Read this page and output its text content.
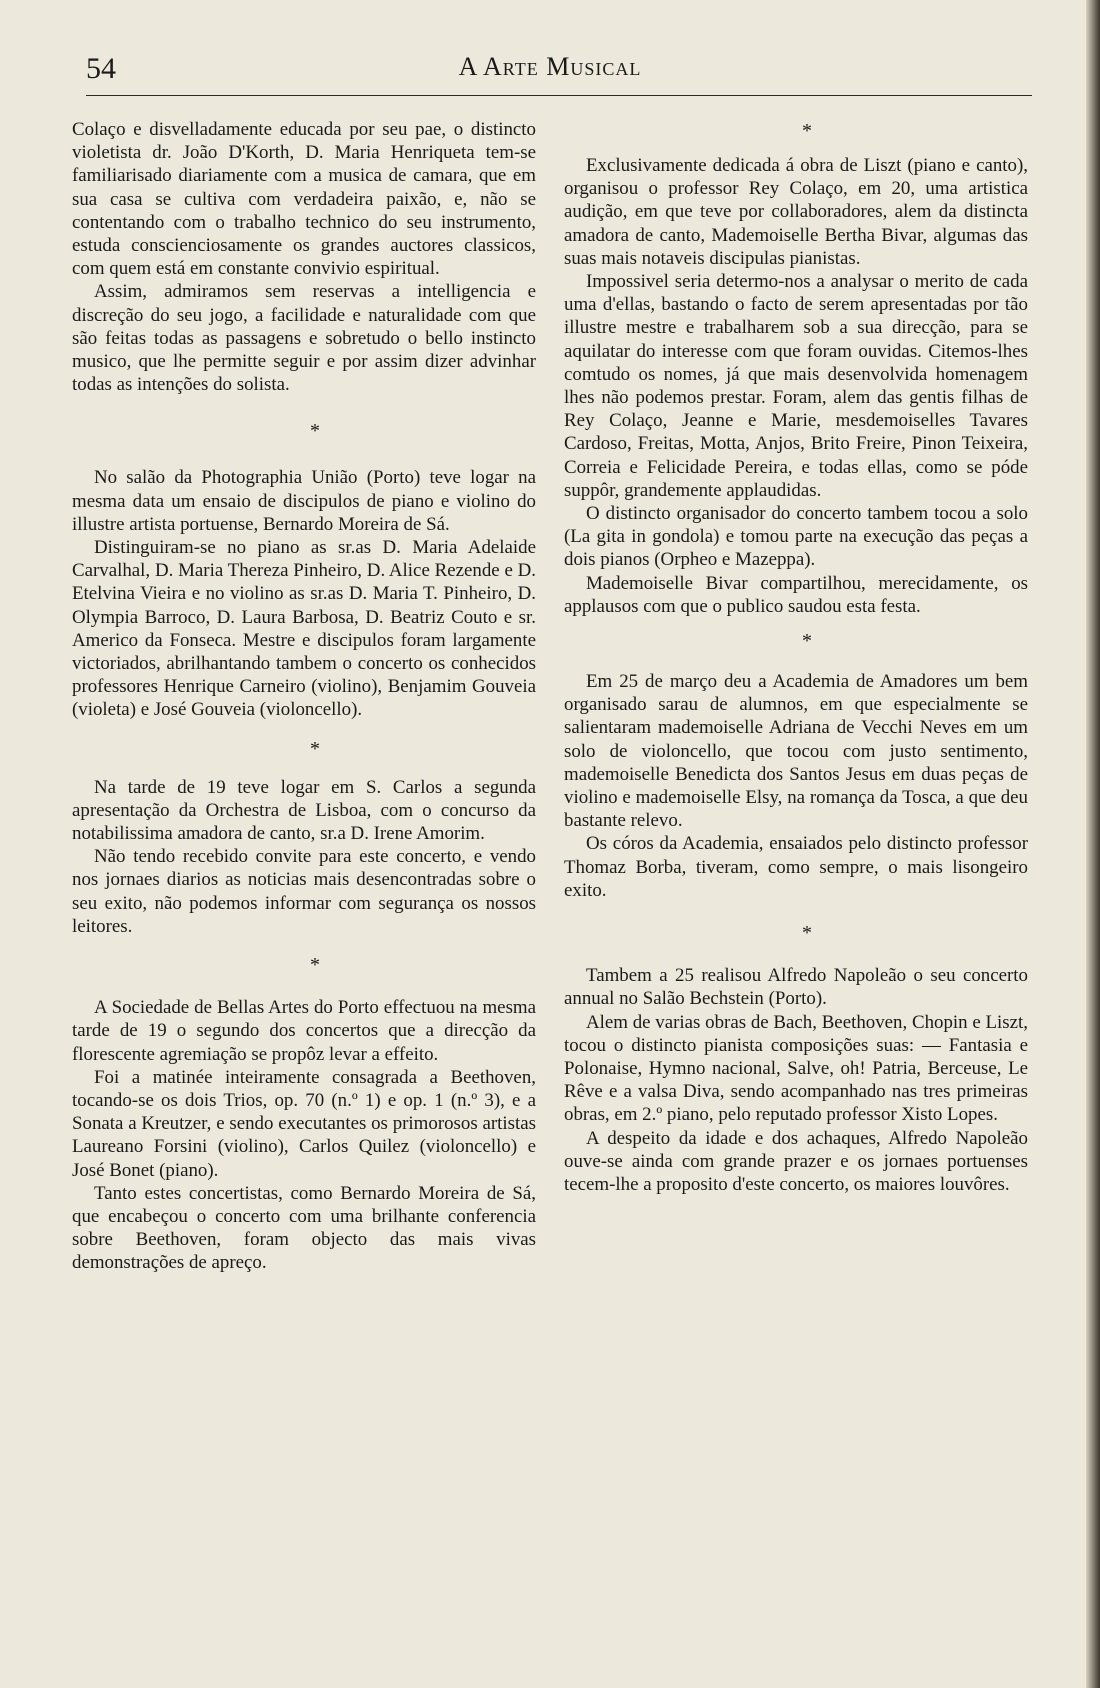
54	A Arte Musical

Colaço e disvelladamente educada por seu pae, o distincto violetista dr. João D'Korth, D. Maria Henriqueta tem-se familiarisado diariamente com a musica de camara, que em sua casa se cultiva com verdadeira paixão, e, não se contentando com o trabalho technico do seu instrumento, estuda conscienciosamente os grandes auctores classicos, com quem está em constante convivio espiritual.

Assim, admiramos sem reservas a intelligencia e discreção do seu jogo, a facilidade e naturalidade com que são feitas todas as passagens e sobretudo o bello instincto musico, que lhe permitte seguir e por assim dizer advinhar todas as intenções do solista.

*

No salão da Photographia União (Porto) teve logar na mesma data um ensaio de discipulos de piano e violino do illustre artista portuense, Bernardo Moreira de Sá.

Distinguiram-se no piano as sr.as D. Maria Adelaide Carvalhal, D. Maria Thereza Pinheiro, D. Alice Rezende e D. Etelvina Vieira e no violino as sr.as D. Maria T. Pinheiro, D. Olympia Barroco, D. Laura Barbosa, D. Beatriz Couto e sr. Americo da Fonseca. Mestre e discipulos foram largamente victoriados, abrilhantando tambem o concerto os conhecidos professores Henrique Carneiro (violino), Benjamim Gouveia (violeta) e José Gouveia (violoncello).

*

Na tarde de 19 teve logar em S. Carlos a segunda apresentação da Orchestra de Lisboa, com o concurso da notabilissima amadora de canto, sr.a D. Irene Amorim.

Não tendo recebido convite para este concerto, e vendo nos jornaes diarios as noticias mais desencontradas sobre o seu exito, não podemos informar com segurança os nossos leitores.

*

A Sociedade de Bellas Artes do Porto effectuou na mesma tarde de 19 o segundo dos concertos que a direcção da florescente agremiação se propôz levar a effeito.

Foi a matinée inteiramente consagrada a Beethoven, tocando-se os dois Trios, op. 70 (n.º 1) e op. 1 (n.º 3), e a Sonata a Kreutzer, e sendo executantes os primorosos artistas Laureano Forsini (violino), Carlos Quilez (violoncello) e José Bonet (piano).

Tanto estes concertistas, como Bernardo Moreira de Sá, que encabeçou o concerto com uma brilhante conferencia sobre Beethoven, foram objecto das mais vivas demonstrações de apreço.

*

Exclusivamente dedicada á obra de Liszt (piano e canto), organisou o professor Rey Colaço, em 20, uma artistica audição, em que teve por collaboradores, alem da distincta amadora de canto, Mademoiselle Bertha Bivar, algumas das suas mais notaveis discipulas pianistas.

Impossivel seria determo-nos a analysar o merito de cada uma d'ellas, bastando o facto de serem apresentadas por tão illustre mestre e trabalharem sob a sua direcção, para se aquilatar do interesse com que foram ouvidas. Citemos-lhes comtudo os nomes, já que mais desenvolvida homenagem lhes não podemos prestar. Foram, alem das gentis filhas de Rey Colaço, Jeanne e Marie, mesdemoiselles Tavares Cardoso, Freitas, Motta, Anjos, Brito Freire, Pinon Teixeira, Correia e Felicidade Pereira, e todas ellas, como se póde suppôr, grandemente applaudidas.

O distincto organisador do concerto tambem tocou a solo (La gita in gondola) e tomou parte na execução das peças a dois pianos (Orpheo e Mazeppa).

Mademoiselle Bivar compartilhou, merecidamente, os applausos com que o publico saudou esta festa.

*

Em 25 de março deu a Academia de Amadores um bem organisado sarau de alumnos, em que especialmente se salientaram mademoiselle Adriana de Vecchi Neves em um solo de violoncello, que tocou com justo sentimento, mademoiselle Benedicta dos Santos Jesus em duas peças de violino e mademoiselle Elsy, na romança da Tosca, a que deu bastante relevo.

Os córos da Academia, ensaiados pelo distincto professor Thomaz Borba, tiveram, como sempre, o mais lisongeiro exito.

*

Tambem a 25 realisou Alfredo Napoleão o seu concerto annual no Salão Bechstein (Porto).

Alem de varias obras de Bach, Beethoven, Chopin e Liszt, tocou o distincto pianista composições suas: — Fantasia e Polonaise, Hymno nacional, Salve, oh! Patria, Berceuse, Le Rêve e a valsa Diva, sendo acompanhado nas tres primeiras obras, em 2.º piano, pelo reputado professor Xisto Lopes.

A despeito da idade e dos achaques, Alfredo Napoleão ouve-se ainda com grande prazer e os jornaes portuenses tecem-lhe a proposito d'este concerto, os maiores louvôres.
